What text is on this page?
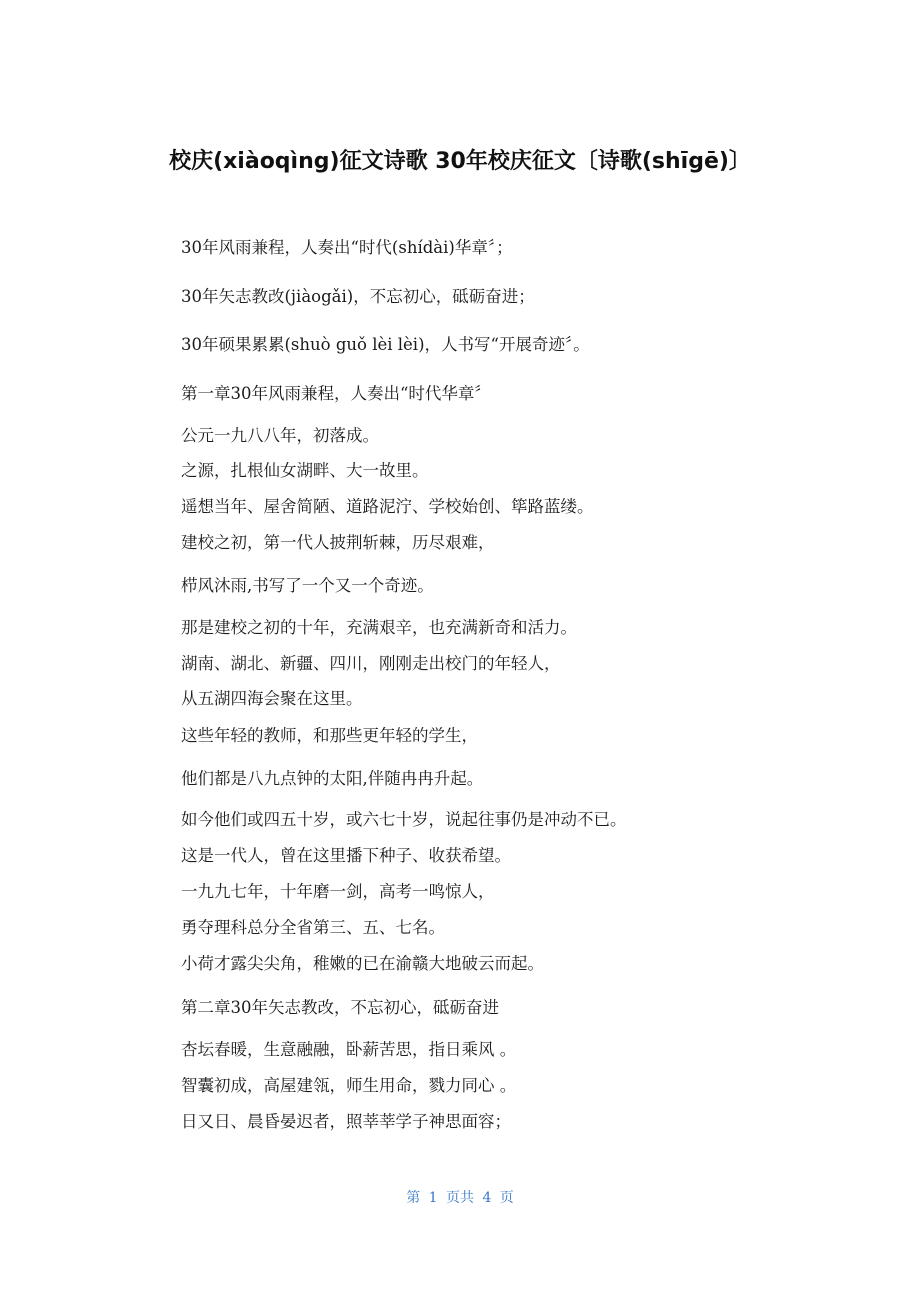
校庆(xiàoqìng)征文诗歌 30年校庆征文〔诗歌(shīgē)〕
30年风雨兼程，人奏出“时代(shídài)华章〞；
30年矢志教改(jiàogǎi)，不忘初心，砥砺奋进；
30年硕果累累(shuò guǒ lèi lèi)，人书写“开展奇迹〞。
第一章30年风雨兼程，人奏出“时代华章〞
公元一九八八年，初落成。
之源，扎根仙女湖畔、大一故里。
遥想当年、屋舍简陋、道路泥泞、学校始创、筚路蓝缕。
建校之初，第一代人披荆斩棘，历尽艰难，
栉风沐雨,书写了一个又一个奇迹。
那是建校之初的十年，充满艰辛，也充满新奇和活力。
湖南、湖北、新疆、四川，刚刚走出校门的年轻人，
从五湖四海会聚在这里。
这些年轻的教师，和那些更年轻的学生，
他们都是八九点钟的太阳,伴随冉冉升起。
如今他们或四五十岁，或六七十岁，说起往事仍是冲动不已。
这是一代人，曾在这里播下种子、收获希望。
一九九七年，十年磨一剑，高考一鸣惊人，
勇夺理科总分全省第三、五、七名。
小荷才露尖尖角，稚嫩的已在渝赣大地破云而起。
第二章30年矢志教改，不忘初心，砥砺奋进
杏坛春暖，生意融融，卧薪苦思，指日乘风 。
智囊初成，高屋建瓴，师生用命，戮力同心 。
日又日、晨昏晏迟者，照莘莘学子神思面容；
第 1 页共 4 页
